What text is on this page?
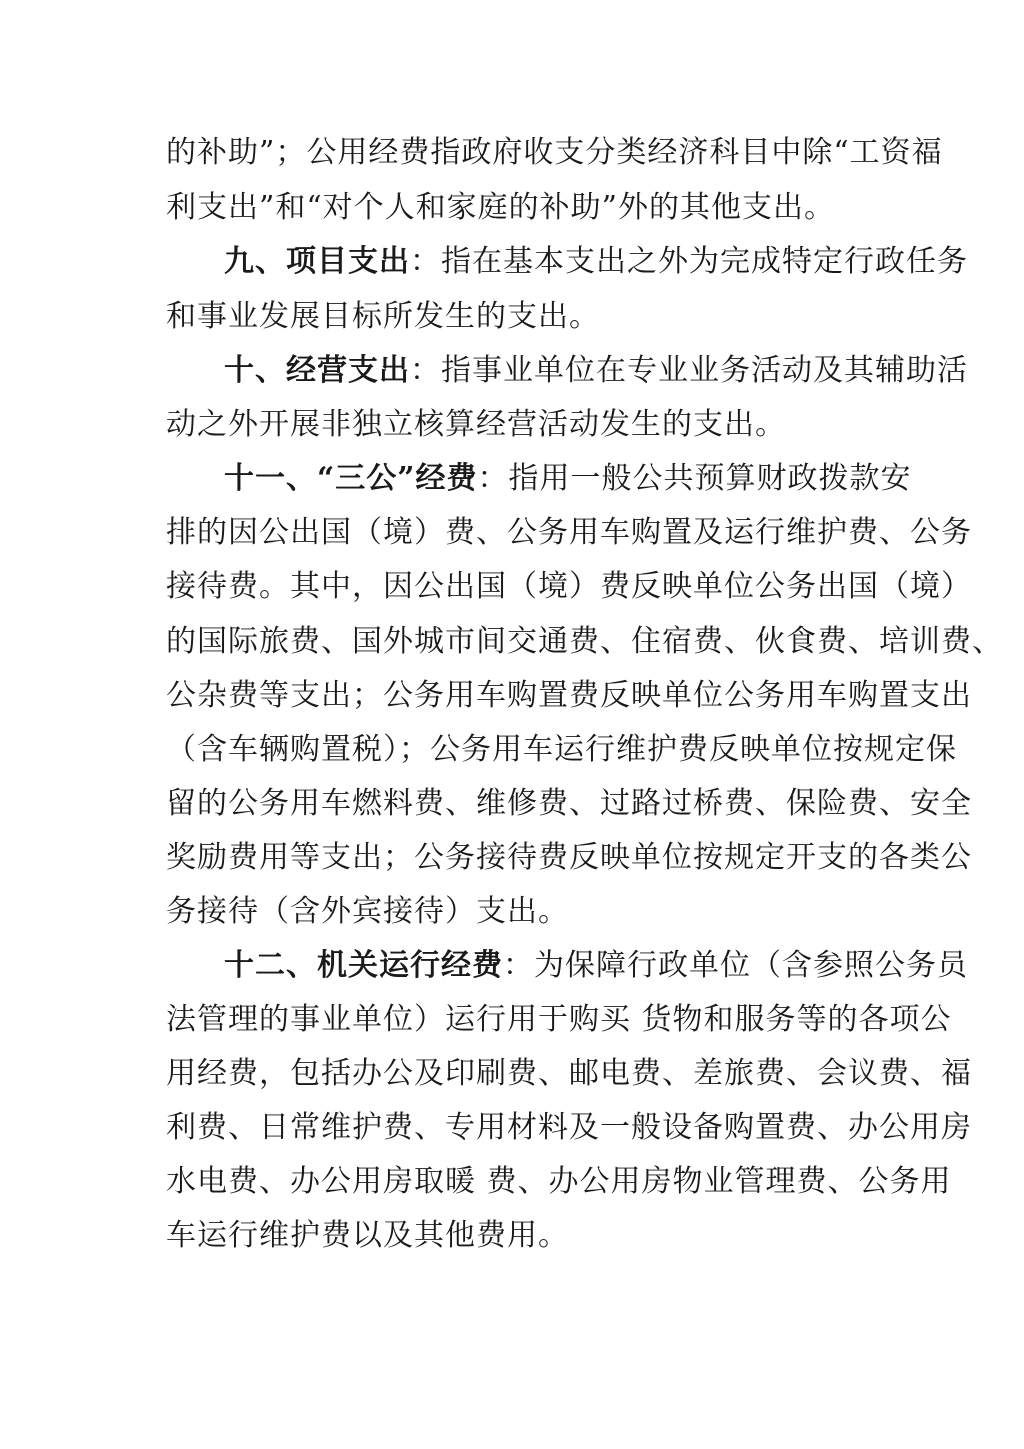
的补助”；公用经费指政府收支分类经济科目中除“工资福
利支出”和“对个人和家庭的补助”外的其他支出。
九、项目支出：指在基本支出之外为完成特定行政任务
和事业发展目标所发生的支出。
十、经营支出：指事业单位在专业业务活动及其辅助活
动之外开展非独立核算经营活动发生的支出。
十一、“三公”经费：指用一般公共预算财政拨款安
排的因公出国（境）费、公务用车购置及运行维护费、公务
接待费。其中，因公出国（境）费反映单位公务出国（境）
的国际旅费、国外城市间交通费、住宿费、伙食费、培训费、
公杂费等支出；公务用车购置费反映单位公务用车购置支出
（含车辆购置税）；公务用车运行维护费反映单位按规定保
留的公务用车燃料费、维修费、过路过桥费、保险费、安全
奖励费用等支出；公务接待费反映单位按规定开支的各类公
务接待（含外宾接待）支出。
十二、机关运行经费：为保障行政单位（含参照公务员
法管理的事业单位）运行用于购买 货物和服务等的各项公
用经费，包括办公及印刷费、邮电费、差旅费、会议费、福
利费、日常维护费、专用材料及一般设备购置费、办公用房
水电费、办公用房取暖 费、办公用房物业管理费、公务用
车运行维护费以及其他费用。
